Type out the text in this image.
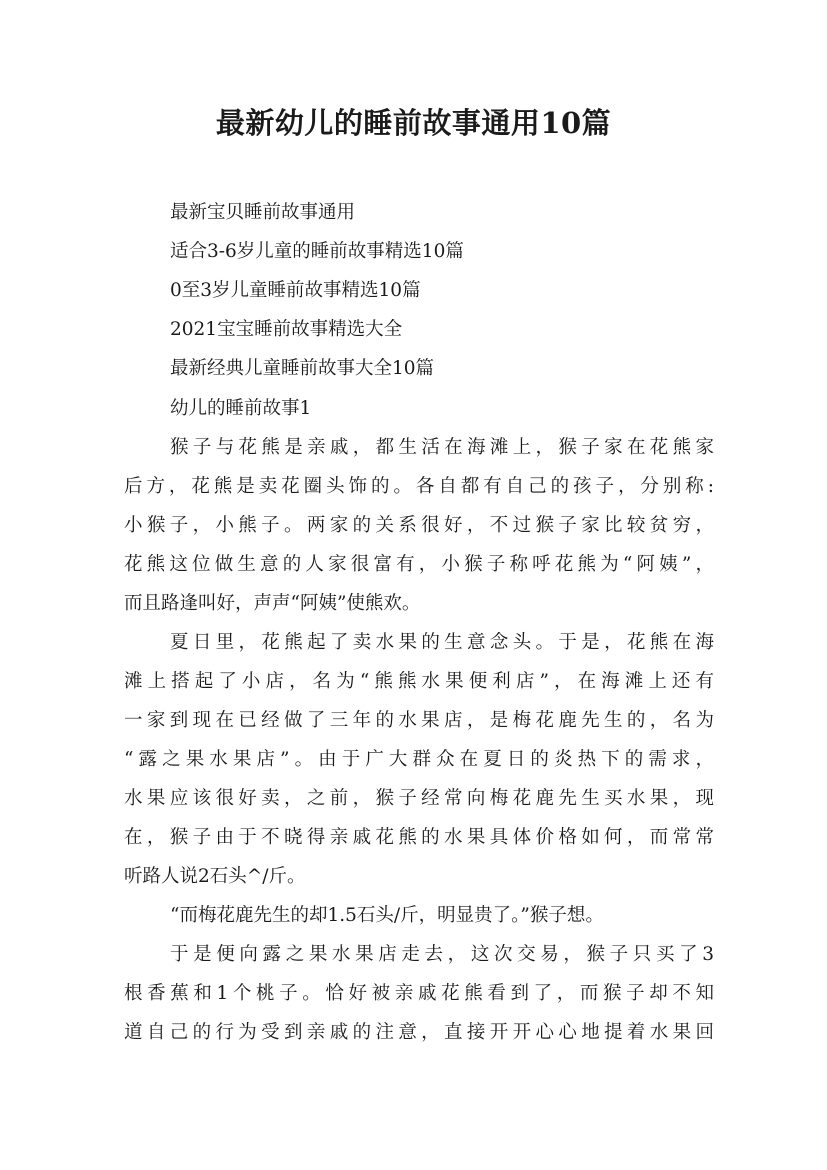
最新幼儿的睡前故事通用10篇
最新宝贝睡前故事通用
适合3-6岁儿童的睡前故事精选10篇
0至3岁儿童睡前故事精选10篇
2021宝宝睡前故事精选大全
最新经典儿童睡前故事大全10篇

幼儿的睡前故事1

猴子与花熊是亲戚，都生活在海滩上，猴子家在花熊家
后方，花熊是卖花圈头饰的。各自都有自己的孩子，分别称:
小猴子，小熊子。两家的关系很好，不过猴子家比较贫穷，
花熊这位做生意的人家很富有，小猴子称呼花熊为“阿姨”，
而且路逢叫好，声声“阿姨”使熊欢。
夏日里，花熊起了卖水果的生意念头。于是，花熊在海
滩上搭起了小店，名为“熊熊水果便利店”，在海滩上还有
一家到现在已经做了三年的水果店，是梅花鹿先生的，名为
“露之果水果店”。由于广大群众在夏日的炎热下的需求，
水果应该很好卖，之前，猴子经常向梅花鹿先生买水果，现
在，猴子由于不晓得亲戚花熊的水果具体价格如何，而常常
听路人说2石头^/斤。
“而梅花鹿先生的却1.5石头/斤，明显贵了。”猴子想。
于是便向露之果水果店走去，这次交易，猴子只买了3
根香蕉和1个桃子。恰好被亲戚花熊看到了，而猴子却不知
道自己的行为受到亲戚的注意，直接开开心心地提着水果回
